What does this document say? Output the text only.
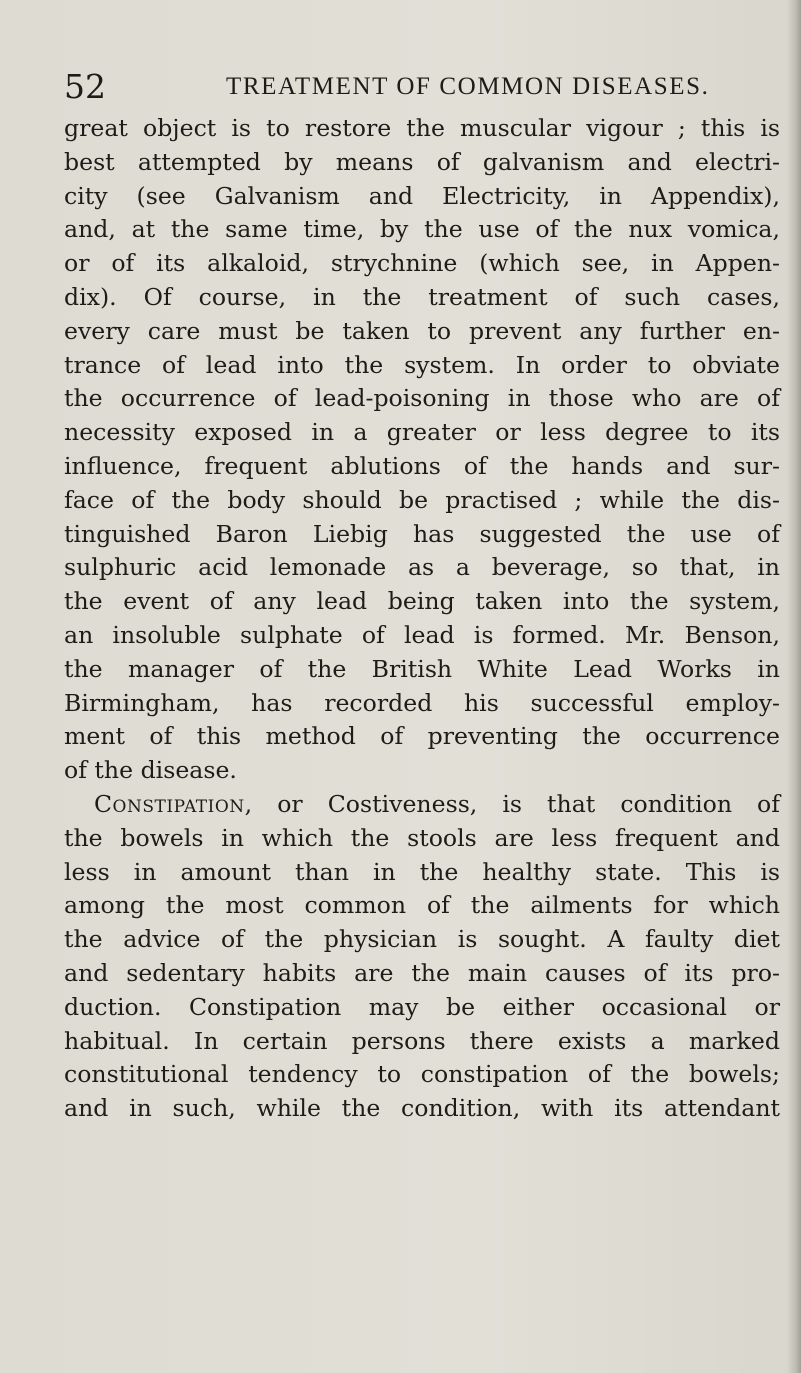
52	TREATMENT OF COMMON DISEASES.
great object is to restore the muscular vigour ; this is
best attempted by means of galvanism and electri-
city (see Galvanism and Electricity, in Appendix),
and, at the same time, by the use of the nux vomica,
or of its alkaloid, strychnine (which see, in Appen-
dix). Of course, in the treatment of such cases,
every care must be taken to prevent any further en-
trance of lead into the system. In order to obviate
the occurrence of lead-poisoning in those who are of
necessity exposed in a greater or less degree to its
influence, frequent ablutions of the hands and sur-
face of the body should be practised ; while the dis-
tinguished Baron Liebig has suggested the use of
sulphuric acid lemonade as a beverage, so that, in
the event of any lead being taken into the system,
an insoluble sulphate of lead is formed. Mr. Benson,
the manager of the British White Lead Works in
Birmingham, has recorded his successful employ-
ment of this method of preventing the occurrence
of the disease.
Constipation, or Costiveness, is that condition of
the bowels in which the stools are less frequent and
less in amount than in the healthy state. This is
among the most common of the ailments for which
the advice of the physician is sought. A faulty diet
and sedentary habits are the main causes of its pro-
duction. Constipation may be either occasional or
habitual. In certain persons there exists a marked
constitutional tendency to constipation of the bowels;
and in such, while the condition, with its attendant
